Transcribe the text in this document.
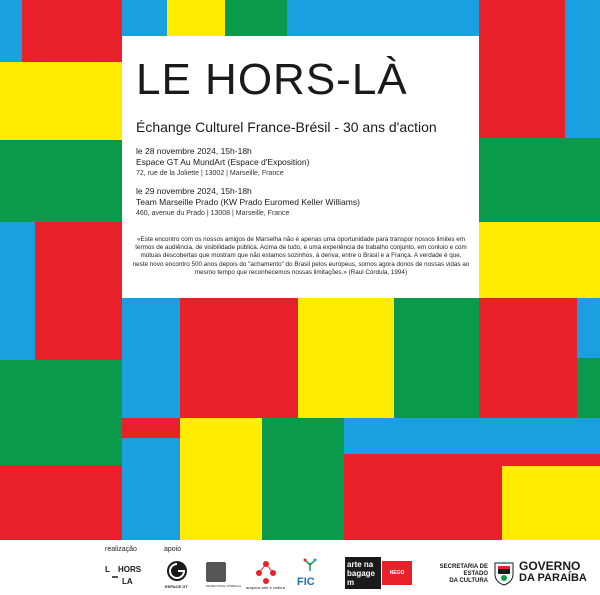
LE HORS-LÀ
Échange Culturel France-Brésil - 30 ans d'action
le 28 novembre 2024, 15h-18h
Espace GT Au MundArt (Espace d'Exposition)
72, rue de la Joliette | 13002 | Marseille, France
le 29 novembre 2024, 15h-18h
Team Marseille Prado (KW Prado Euromed Keller Williams)
460, avenue du Prado | 13008 | Marseille, France
«Este encontro com os nossos amigos de Marselha não é apenas uma oportunidade para transpor nossos limites em termos de audiência, de visibilidade pública. Acima de tudo, é uma experiência de trabalho conjunto, em conluio e com mútuas descobertas que mostram que não estamos sozinhos, à deriva, entre o Brasil e a França. A verdade é que, neste novo encontro 500 anos depois do "achamento" do Brasil pelos europeus, somos agora donos de nossas vidas ao mesmo tempo que reconhecemos nossas limitações.» (Raul Córdula, 1994)
realização	apoio
L HORS
LA
ESPACE GT	MUSEU RAUL CÓRDULA arapuca arte e cultura FIC
arte na bagagem
NEGO
SECRETARIA DE ESTADO
DA CULTURA
GOVERNO
DA PARAÍBA
